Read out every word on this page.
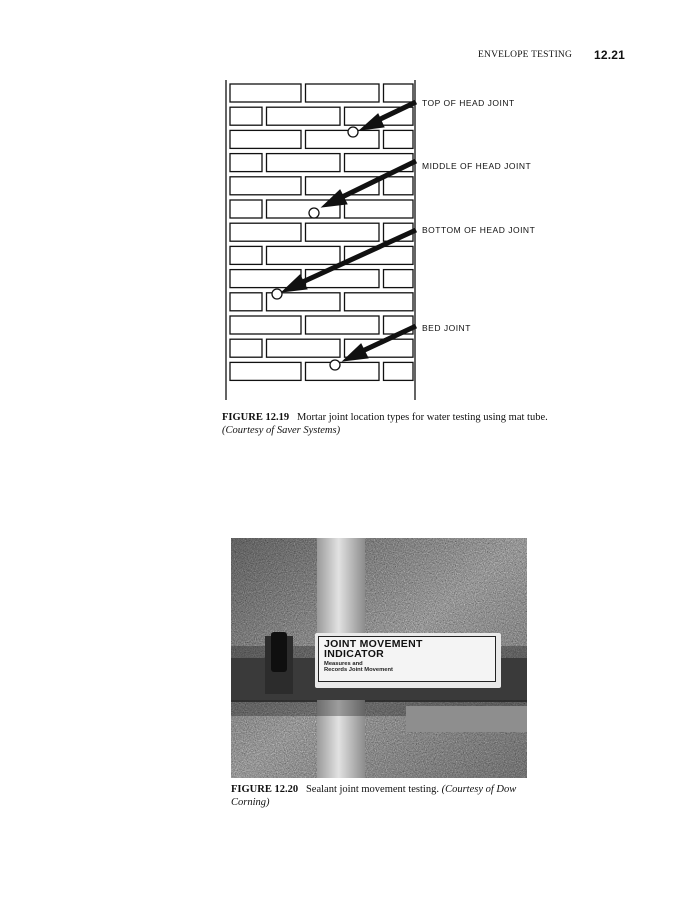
ENVELOPE TESTING 12.21
TOP OF HEAD JOINT
MIDDLE OF HEAD JOINT
BOTTOM OF HEAD JOINT
BED JOINT
FIGURE 12.19 Mortar joint location types for water testing using mat tube. (Courtesy of Saver Systems)
JOINT MOVEMENT
INDICATOR
Measures and
Records Joint Movement
FIGURE 12.20 Sealant joint movement testing. (Courtesy of Dow Corning)
